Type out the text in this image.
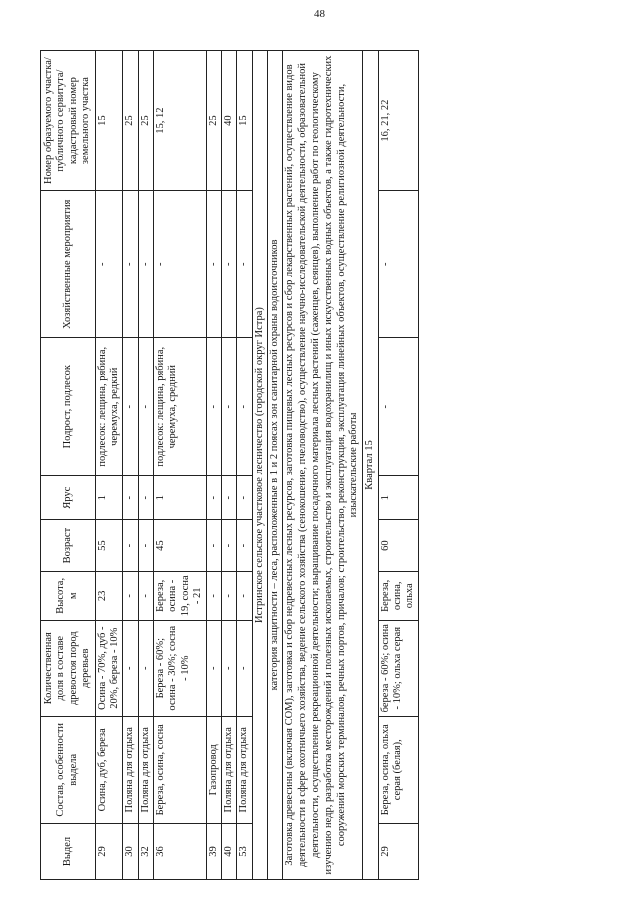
48
Выдел	Состав, особенности выдела	Количественная доля в составе древостоя пород деревьев	Высота, м	Возраст	Ярус	Подрост, подлесок	Хозяйственные мероприятия	Номер образуемого участка/публичного сервитута/кадастровый номер земельного участка
29	Осина, дуб, береза	Осина - 70%, дуб - 20%, береза - 10%	23	55	1	подлесок: лещина, рябина, черемуха, редкий	-	15
30	Поляна для отдыха	-	-	-	-	-	-	25
32	Поляна для отдыха	-	-	-	-	-	-	25
36	Береза, осина, сосна	Береза - 60%; осина - 30%; сосна - 10%	Береза, осина - 19, сосна - 21	45	1	подлесок: лещина, рябина, черемуха, средний	-	15, 12
39	Газопровод	-	-	-	-	-	-	25
40	Поляна для отдыха	-	-	-	-	-	-	40
53	Поляна для отдыха	-	-	-	-	-	-	15
Истринское сельское участковое лесничество (городской округ Истра)								
категория защитности – леса, расположенные в 1 и 2 поясах зон санитарной охраны водоисточников								
Заготовка древесины (включая СОМ), заготовка и сбор недревесных лесных ресурсов, заготовка пищевых лесных ресурсов и сбор лекарственных растений, осуществление видов деятельности в сфере охотничьего хозяйства, ведение сельского хозяйства (сенокошение, пчеловодство), осуществление научно-исследовательской деятельности, образовательной деятельности, осуществление рекреационной деятельности; выращивание посадочного материала лесных растений (саженцев, сеянцев), выполнение работ по геологическому изучению недр, разработка месторождений и полезных ископаемых, строительство и эксплуатация водохранилищ и иных искусственных водных объектов, а также гидротехнических сооружений морских терминалов, речных портов, причалов; строительство, реконструкция, эксплуатация линейных объектов, осуществление религиозной деятельности, изыскательские работы								
Квартал 15								
29	Береза, осина, ольха серая (белая),	береза - 60%; осина - 10%; ольха серая	Береза, осина, ольха	60	1	-	-	16, 21, 22
